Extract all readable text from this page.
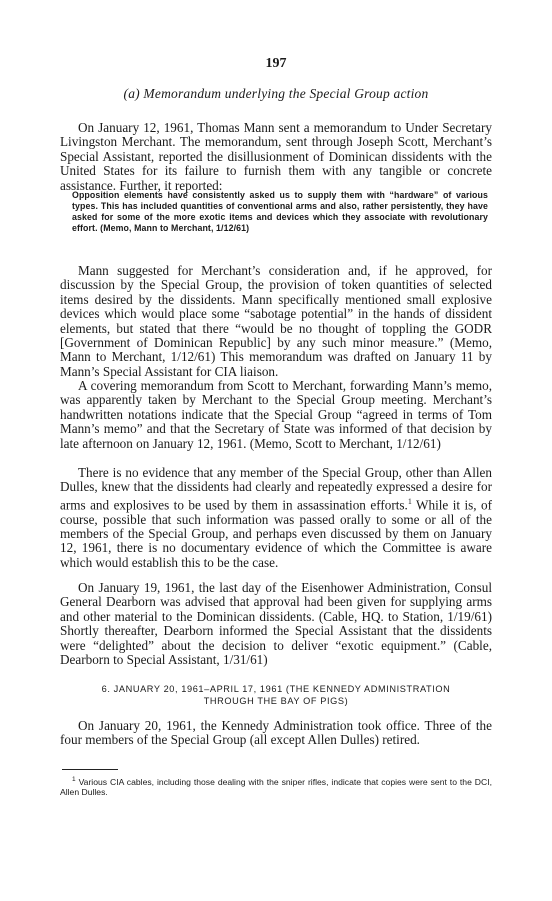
197
(a) Memorandum underlying the Special Group action

On January 12, 1961, Thomas Mann sent a memorandum to Under Secretary Livingston Merchant. The memorandum, sent through Joseph Scott, Merchant’s Special Assistant, reported the disillusionment of Dominican dissidents with the United States for its failure to furnish them with any tangible or concrete assistance. Further, it reported:

Opposition elements have consistently asked us to supply them with “hardware” of various types. This has included quantities of conventional arms and also, rather persistently, they have asked for some of the more exotic items and devices which they associate with revolutionary effort. (Memo, Mann to Merchant, 1/12/61)

Mann suggested for Merchant’s consideration and, if he approved, for discussion by the Special Group, the provision of token quantities of selected items desired by the dissidents. Mann specifically mentioned small explosive devices which would place some “sabotage potential” in the hands of dissident elements, but stated that there “would be no thought of toppling the GODR [Government of Dominican Republic] by any such minor measure.” (Memo, Mann to Merchant, 1/12/61) This memorandum was drafted on January 11 by Mann’s Special Assistant for CIA liaison.

A covering memorandum from Scott to Merchant, forwarding Mann’s memo, was apparently taken by Merchant to the Special Group meeting. Merchant’s handwritten notations indicate that the Special Group “agreed in terms of Tom Mann’s memo” and that the Secretary of State was informed of that decision by late afternoon on January 12, 1961. (Memo, Scott to Merchant, 1/12/61)

There is no evidence that any member of the Special Group, other than Allen Dulles, knew that the dissidents had clearly and repeatedly expressed a desire for arms and explosives to be used by them in assassination efforts.$^1$ While it is, of course, possible that such information was passed orally to some or all of the members of the Special Group, and perhaps even discussed by them on January 12, 1961, there is no documentary evidence of which the Committee is aware which would establish this to be the case.

On January 19, 1961, the last day of the Eisenhower Administration, Consul General Dearborn was advised that approval had been given for supplying arms and other material to the Dominican dissidents. (Cable, HQ. to Station, 1/19/61) Shortly thereafter, Dearborn informed the Special Assistant that the dissidents were “delighted” about the decision to deliver “exotic equipment.” (Cable, Dearborn to Special Assistant, 1/31/61)

6. JANUARY 20, 1961–APRIL 17, 1961 (THE KENNEDY ADMINISTRATION
THROUGH THE BAY OF PIGS)

On January 20, 1961, the Kennedy Administration took office. Three of the four members of the Special Group (all except Allen Dulles) retired.

$^1$ Various CIA cables, including those dealing with the sniper rifles, indicate that copies were sent to the DCI, Allen Dulles.
